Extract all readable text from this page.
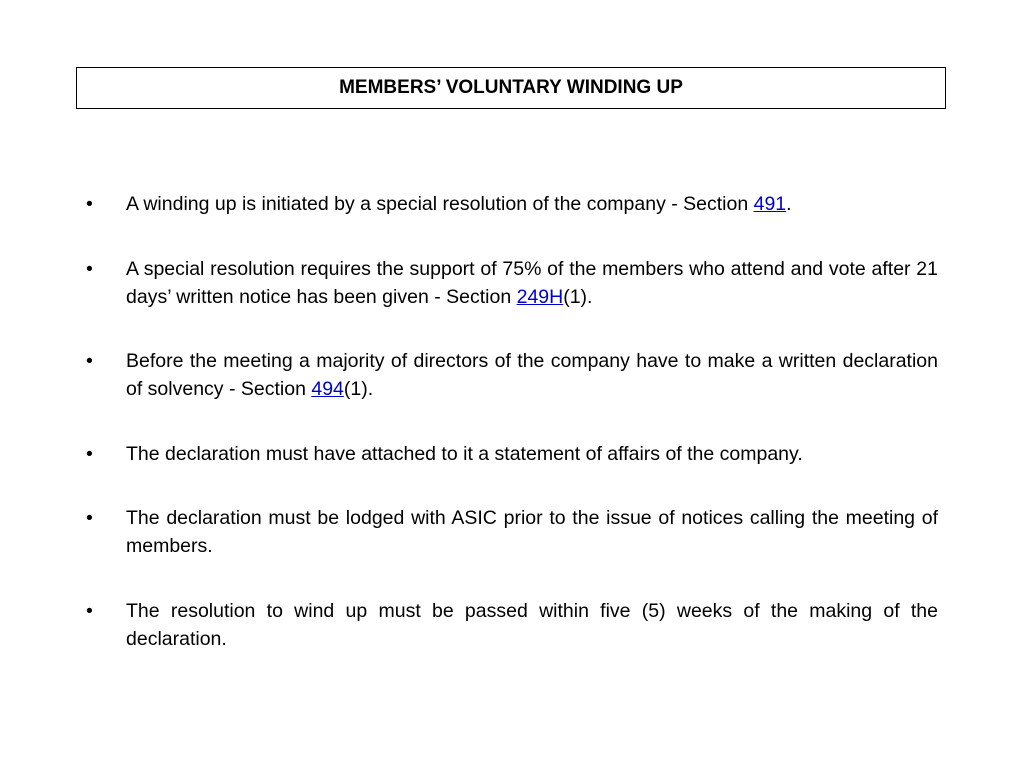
MEMBERS’ VOLUNTARY WINDING UP
•	A winding up is initiated by a special resolution of the company - Section 491.
•	A special resolution requires the support of 75% of the members who attend and vote after 21 days’ written notice has been given - Section 249H(1).
•	Before the meeting a majority of directors of the company have to make a written declaration of solvency - Section 494(1).
•	The declaration must have attached to it a statement of affairs of the company.
•	The declaration must be lodged with ASIC prior to the issue of notices calling the meeting of members.
•	The resolution to wind up must be passed within five (5) weeks of the making of the declaration.
